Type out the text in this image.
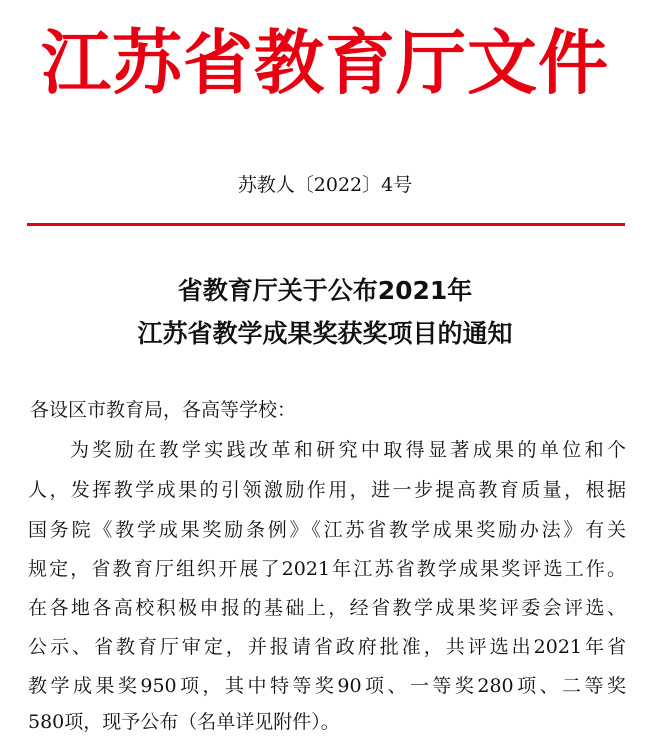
江苏省教育厅文件
苏教人〔2022〕4号
省教育厅关于公布2021年
江苏省教学成果奖获奖项目的通知
各设区市教育局，各高等学校：
为奖励在教学实践改革和研究中取得显著成果的单位和个
人，发挥教学成果的引领激励作用，进一步提高教育质量，根据
国务院《教学成果奖励条例》《江苏省教学成果奖励办法》有关
规定，省教育厅组织开展了2021年江苏省教学成果奖评选工作。
在各地各高校积极申报的基础上，经省教学成果奖评委会评选、
公示、省教育厅审定，并报请省政府批准，共评选出2021年省
教学成果奖950项，其中特等奖90项、一等奖280项、二等奖
580项，现予公布（名单详见附件）。
